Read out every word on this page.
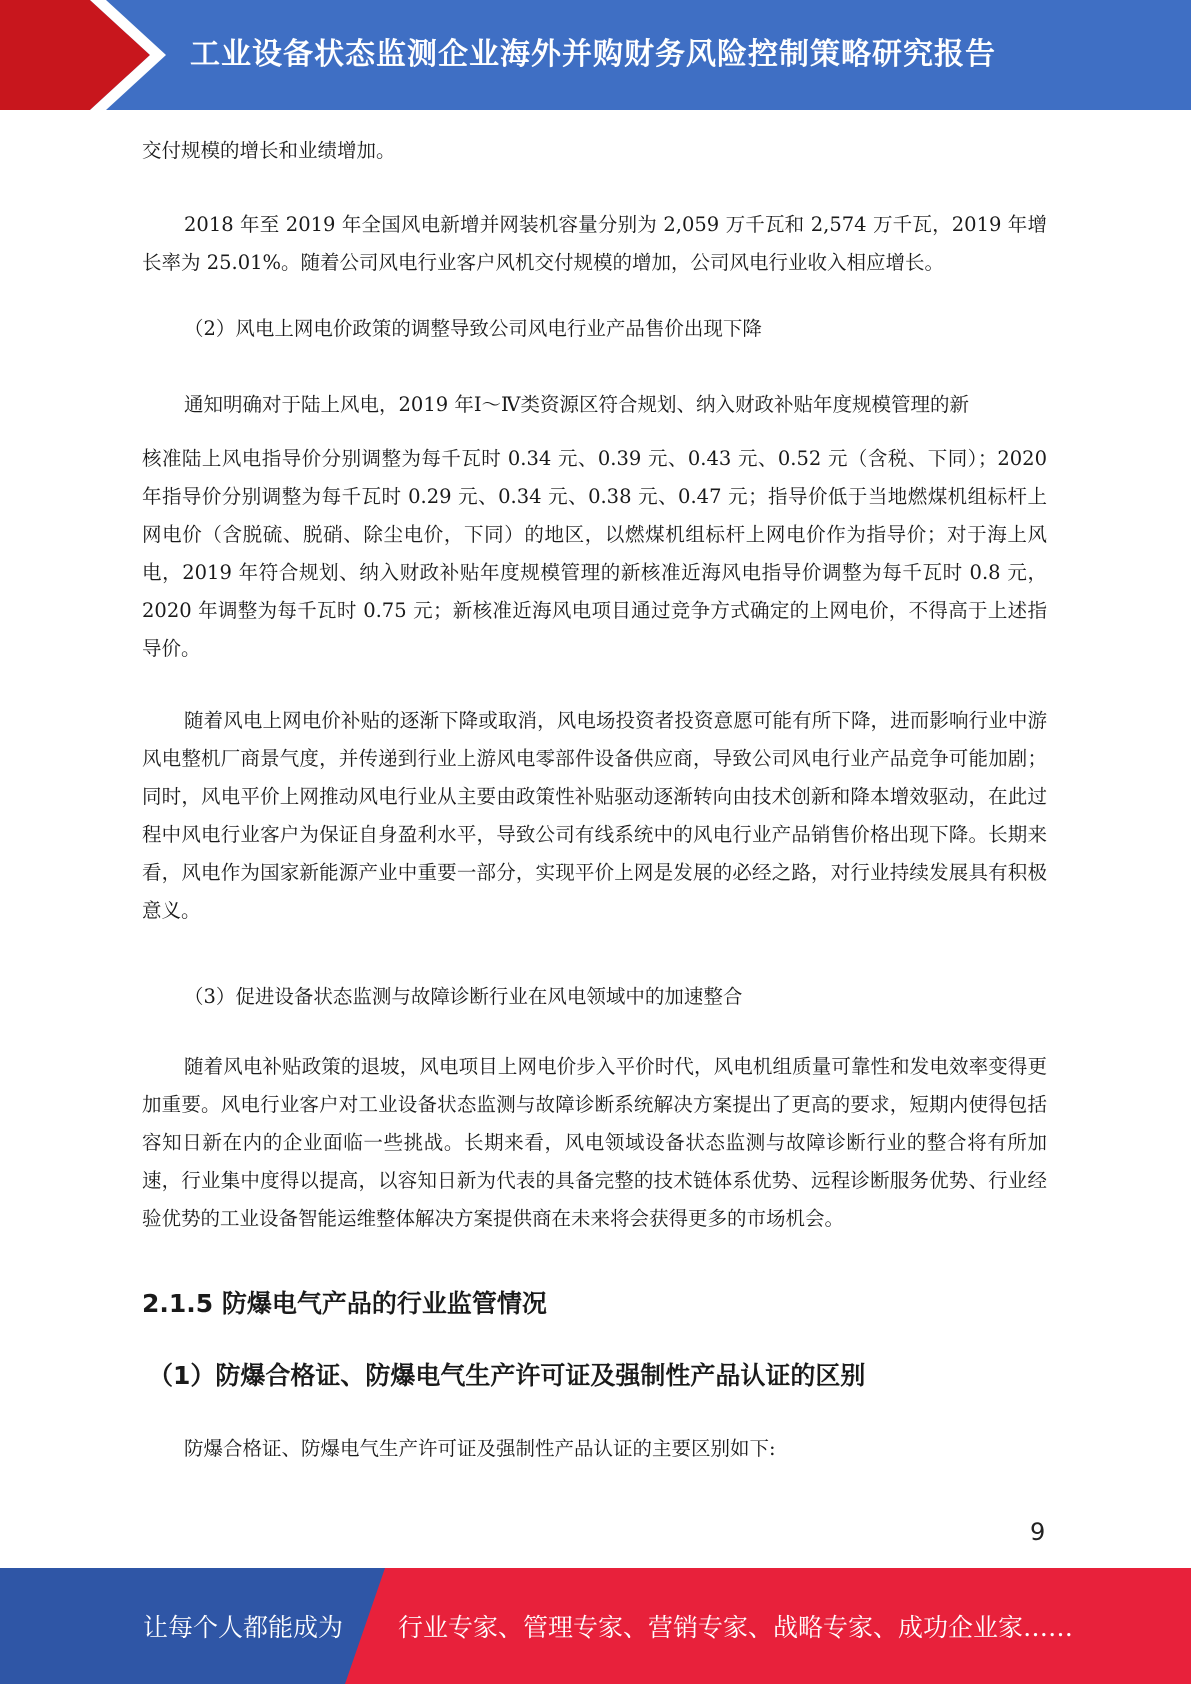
工业设备状态监测企业海外并购财务风险控制策略研究报告

交付规模的增长和业绩增加。

2018 年至 2019 年全国风电新增并网装机容量分别为 2,059 万千瓦和 2,574 万千瓦，2019 年增长率为 25.01%。随着公司风电行业客户风机交付规模的增加，公司风电行业收入相应增长。

（2）风电上网电价政策的调整导致公司风电行业产品售价出现下降

通知明确对于陆上风电，2019 年Ⅰ～Ⅳ类资源区符合规划、纳入财政补贴年度规模管理的新

核准陆上风电指导价分别调整为每千瓦时 0.34 元、0.39 元、0.43 元、0.52 元（含税、下同）；2020 年指导价分别调整为每千瓦时 0.29 元、0.34 元、0.38 元、0.47 元；指导价低于当地燃煤机组标杆上网电价（含脱硫、脱硝、除尘电价，下同）的地区，以燃煤机组标杆上网电价作为指导价；对于海上风电，2019 年符合规划、纳入财政补贴年度规模管理的新核准近海风电指导价调整为每千瓦时 0.8 元，2020 年调整为每千瓦时 0.75 元；新核准近海风电项目通过竞争方式确定的上网电价，不得高于上述指导价。

随着风电上网电价补贴的逐渐下降或取消，风电场投资者投资意愿可能有所下降，进而影响行业中游风电整机厂商景气度，并传递到行业上游风电零部件设备供应商，导致公司风电行业产品竞争可能加剧；同时，风电平价上网推动风电行业从主要由政策性补贴驱动逐渐转向由技术创新和降本增效驱动，在此过程中风电行业客户为保证自身盈利水平，导致公司有线系统中的风电行业产品销售价格出现下降。长期来看，风电作为国家新能源产业中重要一部分，实现平价上网是发展的必经之路，对行业持续发展具有积极意义。

（3）促进设备状态监测与故障诊断行业在风电领域中的加速整合

随着风电补贴政策的退坡，风电项目上网电价步入平价时代，风电机组质量可靠性和发电效率变得更加重要。风电行业客户对工业设备状态监测与故障诊断系统解决方案提出了更高的要求，短期内使得包括容知日新在内的企业面临一些挑战。长期来看，风电领域设备状态监测与故障诊断行业的整合将有所加速，行业集中度得以提高，以容知日新为代表的具备完整的技术链体系优势、远程诊断服务优势、行业经验优势的工业设备智能运维整体解决方案提供商在未来将会获得更多的市场机会。

2.1.5 防爆电气产品的行业监管情况
（1）防爆合格证、防爆电气生产许可证及强制性产品认证的区别

防爆合格证、防爆电气生产许可证及强制性产品认证的主要区别如下:

9
让每个人都能成为 行业专家、管理专家、营销专家、战略专家、成功企业家……
